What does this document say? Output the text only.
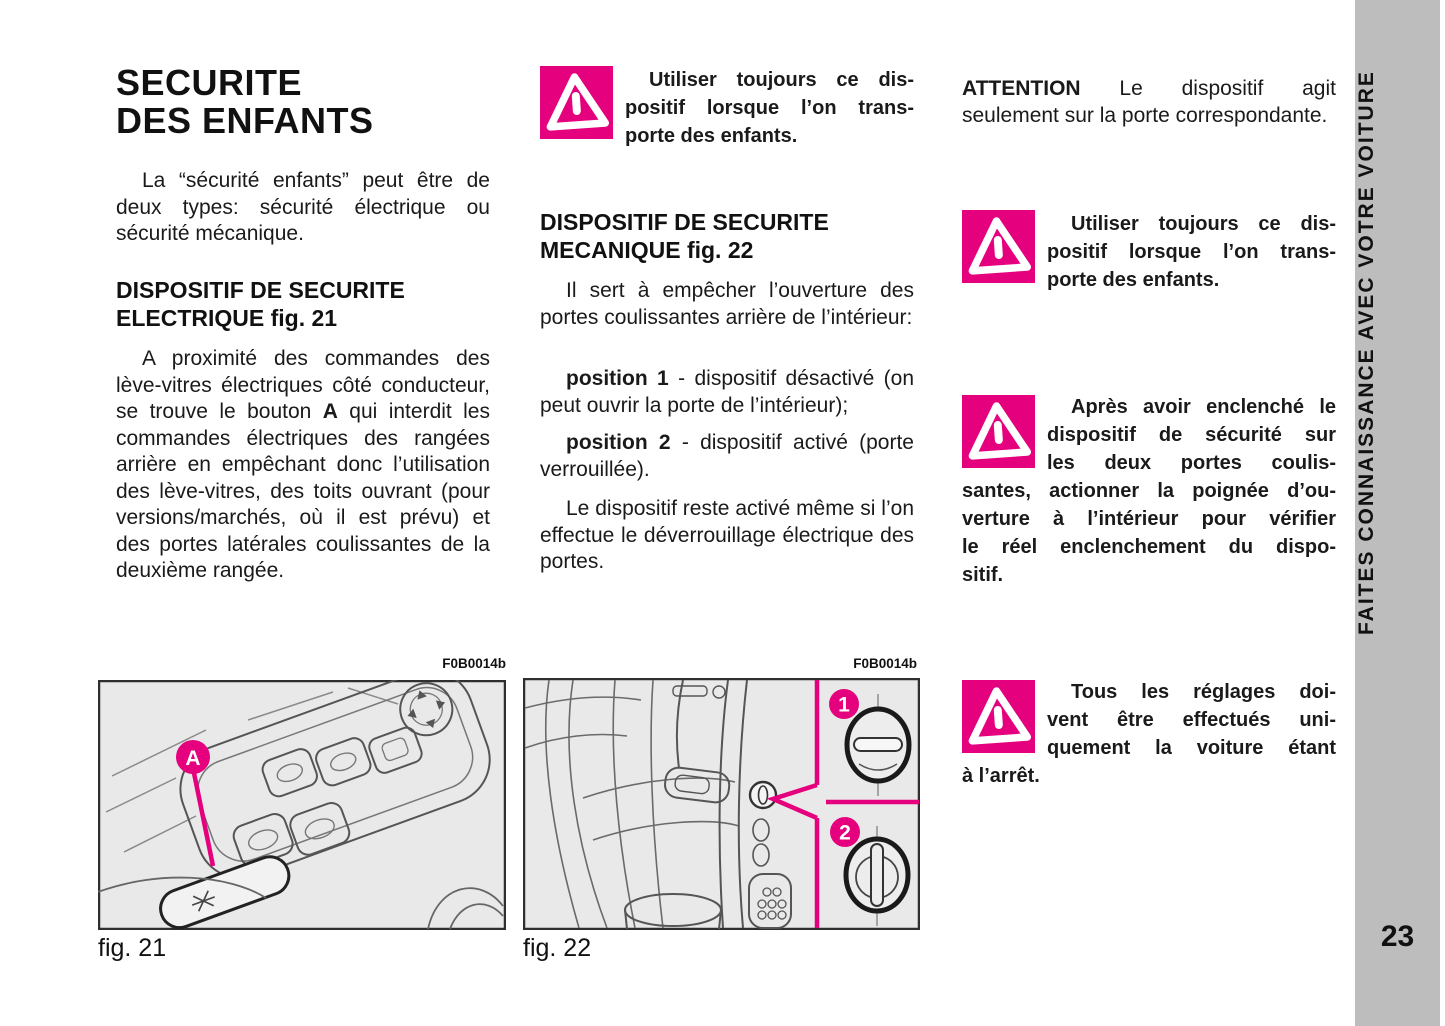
SECURITE
DES ENFANTS
La “sécurité enfants” peut être de deux types: sécurité électrique ou sécurité mécanique.
DISPOSITIF DE SECURITE ELECTRIQUE fig. 21
A proximité des commandes des lève-vitres électriques côté conducteur, se trouve le bouton A qui interdit les commandes électriques des rangées arrière en empêchant donc l’utilisation des lève-vitres, des toits ouvrant (pour versions/marchés, où il est prévu) et des portes latérales coulissantes de la deuxième rangée.
Utiliser toujours ce dis-
positif lorsque l’on trans-
porte des enfants.
DISPOSITIF DE SECURITE MECANIQUE fig. 22
Il sert à empêcher l’ouverture des portes coulissantes arrière de l’intérieur:
position 1 - dispositif désactivé (on peut ouvrir la porte de l’intérieur);
position 2 - dispositif activé (porte verrouillée).
Le dispositif reste activé même si l’on effectue le déverrouillage électrique des portes.
ATTENTION Le dispositif agit seulement sur la porte correspondante.
Utiliser toujours ce dis-
positif lorsque l’on trans-
porte des enfants.
Après avoir enclenché le
dispositif de sécurité sur
les deux portes coulis-
santes, actionner la poignée d’ou-
verture à l’intérieur pour vérifier
le réel enclenchement du dispo-
sitif.
Tous les réglages doi-
vent être effectués uni-
quement la voiture étant
à l’arrêt.
F0B0014b
A
fig. 21
F0B0014b
1
2
fig. 22
FAITES CONNAISSANCE AVEC VOTRE VOITURE
23
